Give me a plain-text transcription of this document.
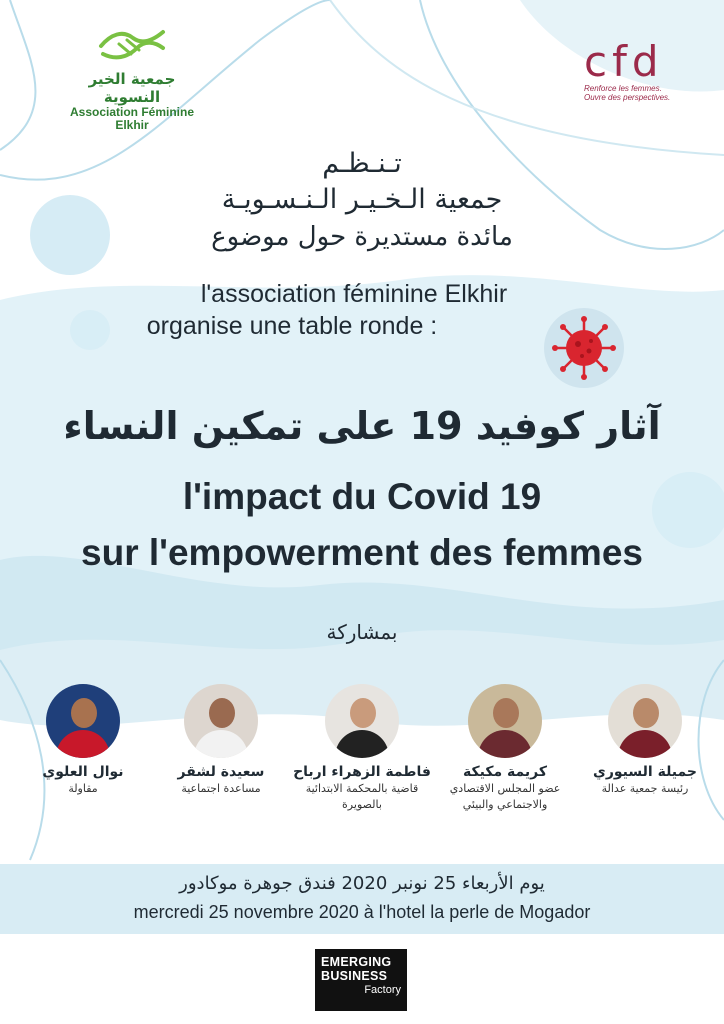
جمعية الخير النسوية
Association Féminine
Elkhir
cfd
Renforce les femmes.
Ouvre des perspectives.
تـنـظـم
جمعية الـخـيـر الـنـسـويـة
مائدة مستديرة حول موضوع
l'association féminine Elkhir
organise une table ronde :
آثار كوفيد 19 على تمكين النساء
l'impact du Covid 19
sur l'empowerment des femmes
بمشاركة
نوال العلوي
مقاولة
سعيدة لشقر
مساعدة اجتماعية
فاطمة الزهراء ارباح
قاضية بالمحكمة الابتدائية
بالصويرة
كريمة مكيكة
عضو المجلس الاقتصادي
والاجتماعي والبيئي
جميلة السيوري
رئيسة جمعية عدالة
يوم الأربعاء 25 نونبر 2020 فندق جوهرة موكادور
mercredi 25 novembre 2020 à l'hotel la perle de Mogador
EMERGING
BUSINESS
Factory
